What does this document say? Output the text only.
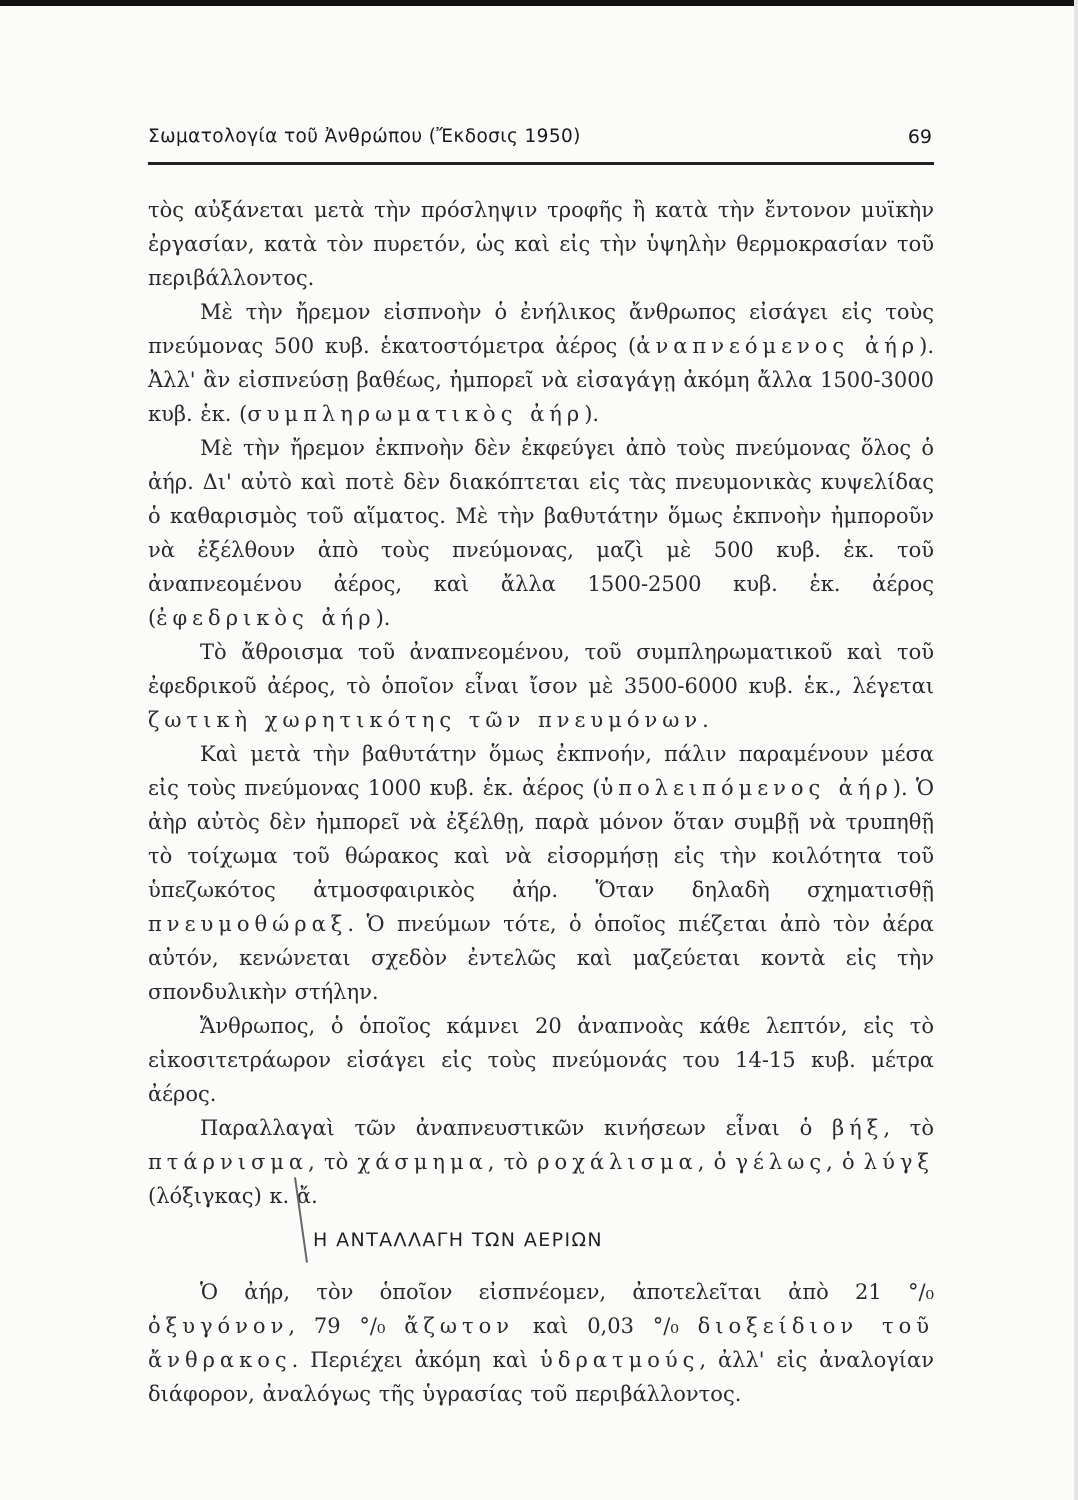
Σωματολογία τοῦ Ἀνθρώπου (Ἔκδοσις 1950)	69

τὸς αὐξάνεται μετὰ τὴν πρόσληψιν τροφῆς ἢ κατὰ τὴν ἔντονον μυϊκὴν ἐργασίαν, κατὰ τὸν πυρετόν, ὡς καὶ εἰς τὴν ὑψηλὴν θερμοκρασίαν τοῦ περιβάλλοντος.

Μὲ τὴν ἤρεμον εἰσπνοὴν ὁ ἐνήλικος ἄνθρωπος εἰσάγει εἰς τοὺς πνεύμονας 500 κυβ. ἑκατοστόμετρα ἀέρος (ἀναπνεόμενος ἀήρ). Ἀλλ' ἂν εἰσπνεύσῃ βαθέως, ἠμπορεῖ νὰ εἰσαγάγῃ ἀκόμη ἄλλα 1500-3000 κυβ. ἑκ. (συμπληρωματικὸς ἀήρ).

Μὲ τὴν ἤρεμον ἐκπνοὴν δὲν ἐκφεύγει ἀπὸ τοὺς πνεύμονας ὅλος ὁ ἀήρ. Δι' αὐτὸ καὶ ποτὲ δὲν διακόπτεται εἰς τὰς πνευμονικὰς κυψελίδας ὁ καθαρισμὸς τοῦ αἵματος. Μὲ τὴν βαθυτάτην ὅμως ἐκπνοὴν ἠμποροῦν νὰ ἐξέλθουν ἀπὸ τοὺς πνεύμονας, μαζὶ μὲ 500 κυβ. ἑκ. τοῦ ἀναπνεομένου ἀέρος, καὶ ἄλλα 1500-2500 κυβ. ἑκ. ἀέρος (ἐφεδρικὸς ἀήρ).

Τὸ ἄθροισμα τοῦ ἀναπνεομένου, τοῦ συμπληρωματικοῦ καὶ τοῦ ἐφεδρικοῦ ἀέρος, τὸ ὁποῖον εἶναι ἴσον μὲ 3500-6000 κυβ. ἑκ., λέγεται ζωτικὴ χωρητικότης τῶν πνευμόνων.

Καὶ μετὰ τὴν βαθυτάτην ὅμως ἐκπνοήν, πάλιν παραμένουν μέσα εἰς τοὺς πνεύμονας 1000 κυβ. ἑκ. ἀέρος (ὑπολειπόμενος ἀήρ). Ὁ ἀὴρ αὐτὸς δὲν ἠμπορεῖ νὰ ἐξέλθῃ, παρὰ μόνον ὅταν συμβῇ νὰ τρυπηθῇ τὸ τοίχωμα τοῦ θώρακος καὶ νὰ εἰσορμήσῃ εἰς τὴν κοιλότητα τοῦ ὑπεζωκότος ἀτμοσφαιρικὸς ἀήρ. Ὅταν δηλαδὴ σχηματισθῇ πνευμοθώραξ. Ὁ πνεύμων τότε, ὁ ὁποῖος πιέζεται ἀπὸ τὸν ἀέρα αὐτόν, κενώνεται σχεδὸν ἐντελῶς καὶ μαζεύεται κοντὰ εἰς τὴν σπονδυλικὴν στήλην.

Ἄνθρωπος, ὁ ὁποῖος κάμνει 20 ἀναπνοὰς κάθε λεπτόν, εἰς τὸ εἰκοσιτετράωρον εἰσάγει εἰς τοὺς πνεύμονάς του 14-15 κυβ. μέτρα ἀέρος.

Παραλλαγαὶ τῶν ἀναπνευστικῶν κινήσεων εἶναι ὁ βήξ, τὸ πτάρνισμα, τὸ χάσμημα, τὸ ροχάλισμα, ὁ γέλως, ὁ λύγξ (λόξιγκας) κ. ἄ.

Η ΑΝΤΑΛΛΑΓΗ ΤΩΝ ΑΕΡΙΩΝ

Ὁ ἀήρ, τὸν ὁποῖον εἰσπνέομεν, ἀποτελεῖται ἀπὸ 21 °/₀ ὀξυγόνον, 79 °/₀ ἄζωτον καὶ 0,03 °/₀ διοξείδιον τοῦ ἄνθρακος. Περιέχει ἀκόμη καὶ ὑδρατμούς, ἀλλ' εἰς ἀναλογίαν διάφορον, ἀναλόγως τῆς ὑγρασίας τοῦ περιβάλλοντος.
